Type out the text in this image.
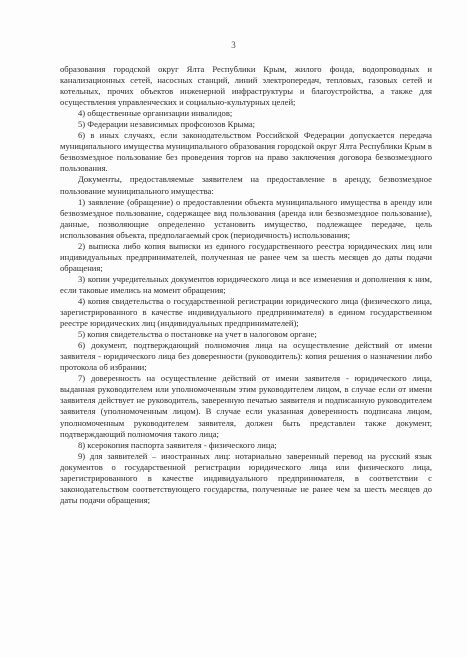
3

образования городской округ Ялта Республики Крым, жилого фонда, водопроводных и канализационных сетей, насосных станций, линий электропередач, тепловых, газовых сетей и котельных, прочих объектов инженерной инфраструктуры и благоустройства, а также для осуществления управленческих и социально-культурных целей;

4) общественные организации инвалидов;

5) Федерации независимых профсоюзов Крыма;

6) в иных случаях, если законодательством Российской Федерации допускается передача муниципального имущества муниципального образования городской округ Ялта Республики Крым в безвозмездное пользование без проведения торгов на право заключения договора безвозмездного пользования.

Документы, предоставляемые заявителем на предоставление в аренду, безвозмездное пользование муниципального имущества:

1) заявление (обращение) о предоставлении объекта муниципального имущества в аренду или безвозмездное пользование, содержащее вид пользования (аренда или безвозмездное пользование), данные, позволяющие определенно установить имущество, подлежащее передаче, цель использования объекта, предполагаемый срок (периодичность) использования;

2) выписка либо копия выписки из единого государственного реестра юридических лиц или индивидуальных предпринимателей, полученная не ранее чем за шесть месяцев до даты подачи обращения;

3) копии учредительных документов юридического лица и все изменения и дополнения к ним, если таковые имелись на момент обращения;

4) копия свидетельства о государственной регистрации юридического лица (физического лица, зарегистрированного в качестве индивидуального предпринимателя) в едином государственном реестре юридических лиц (индивидуальных предпринимателей);

5) копия свидетельства о постановке на учет в налоговом органе;

6) документ, подтверждающий полномочия лица на осуществление действий от имени заявителя - юридического лица без доверенности (руководитель): копия решения о назначении либо протокола об избрании;

7) доверенность на осуществление действий от имени заявителя - юридического лица, выданная руководителем или уполномоченным этим руководителем лицом, в случае если от имени заявителя действует не руководитель, заверенную печатью заявителя и подписанную руководителем заявителя (уполномоченным лицом). В случае если указанная доверенность подписана лицом, уполномоченным руководителем заявителя, должен быть представлен также документ, подтверждающий полномочия такого лица;

8) ксерокопия паспорта заявителя - физического лица;

9) для заявителей – иностранных лиц: нотариально заверенный перевод на русский язык документов о государственной регистрации юридического лица или физического лица, зарегистрированного в качестве индивидуального предпринимателя, в соответствии с законодательством соответствующего государства, полученные не ранее чем за шесть месяцев до даты подачи обращения;
